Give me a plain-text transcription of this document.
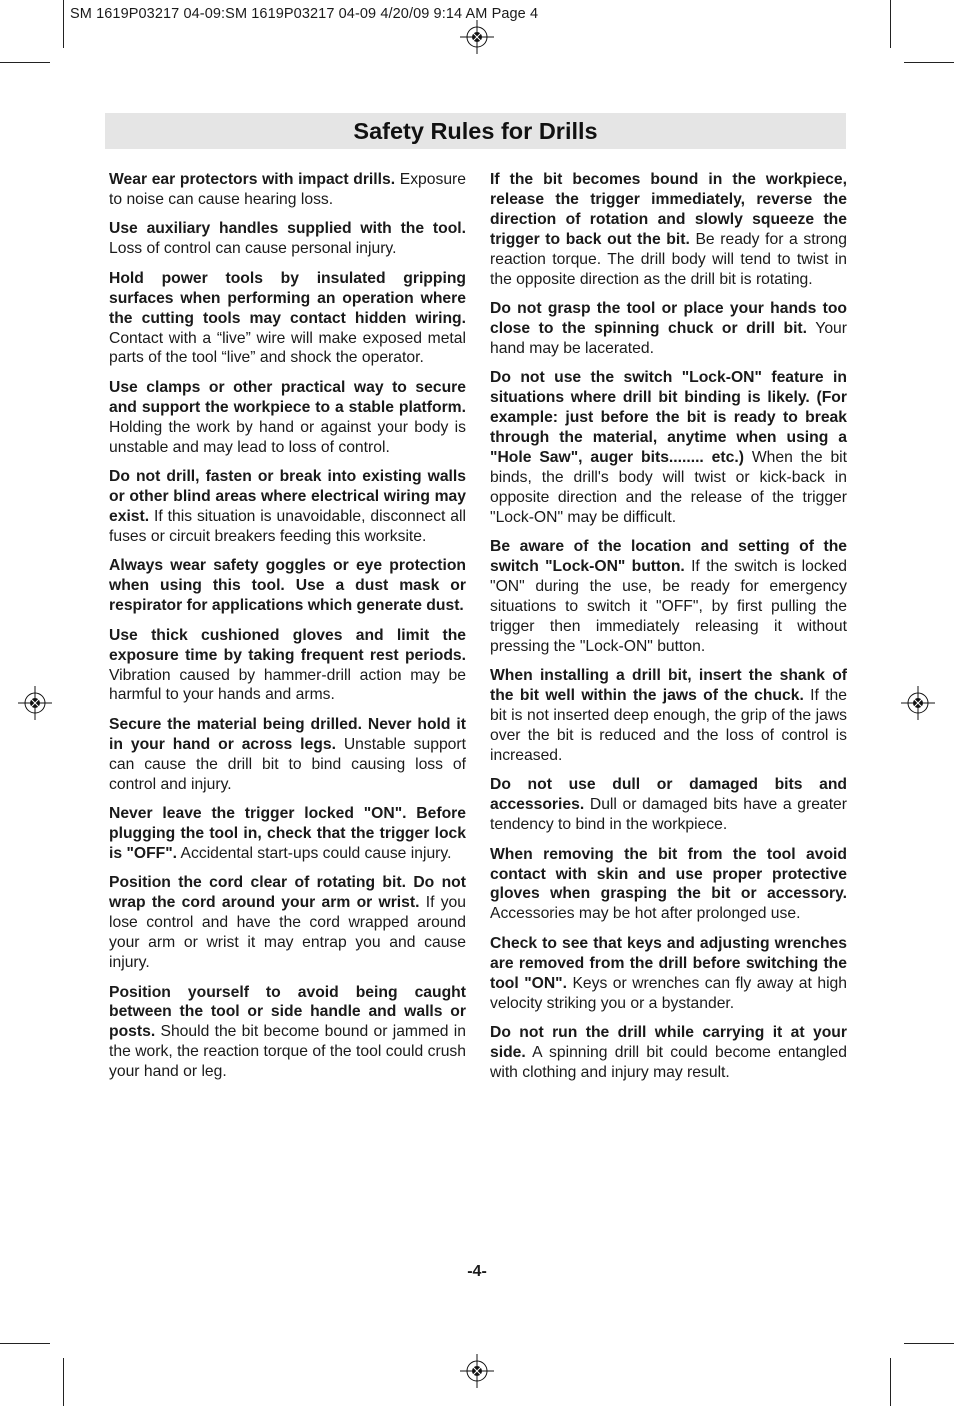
SM 1619P03217 04-09:SM 1619P03217 04-09 4/20/09 9:14 AM Page 4
Safety Rules for Drills

Wear ear protectors with impact drills. Exposure to noise can cause hearing loss.

Use auxiliary handles supplied with the tool. Loss of control can cause personal injury.

Hold power tools by insulated gripping surfaces when performing an operation where the cutting tools may contact hidden wiring. Contact with a “live” wire will make exposed metal parts of the tool “live” and shock the operator.

Use clamps or other practical way to secure and support the workpiece to a stable platform. Holding the work by hand or against your body is unstable and may lead to loss of control.

Do not drill, fasten or break into existing walls or other blind areas where electrical wiring may exist. If this situation is unavoidable, disconnect all fuses or circuit breakers feeding this worksite.

Always wear safety goggles or eye protection when using this tool. Use a dust mask or respirator for applications which generate dust.

Use thick cushioned gloves and limit the exposure time by taking frequent rest periods. Vibration caused by hammer-drill action may be harmful to your hands and arms.

Secure the material being drilled. Never hold it in your hand or across legs. Unstable support can cause the drill bit to bind causing loss of control and injury.

Never leave the trigger locked "ON". Before plugging the tool in, check that the trigger lock is "OFF". Accidental start-ups could cause injury.

Position the cord clear of rotating bit. Do not wrap the cord around your arm or wrist. If you lose control and have the cord wrapped around your arm or wrist it may entrap you and cause injury.

Position yourself to avoid being caught between the tool or side handle and walls or posts. Should the bit become bound or jammed in the work, the reaction torque of the tool could crush your hand or leg.

If the bit becomes bound in the workpiece, release the trigger immediately, reverse the direction of rotation and slowly squeeze the trigger to back out the bit. Be ready for a strong reaction torque. The drill body will tend to twist in the opposite direction as the drill bit is rotating.

Do not grasp the tool or place your hands too close to the spinning chuck or drill bit. Your hand may be lacerated.

Do not use the switch "Lock-ON" feature in situations where drill bit binding is likely. (For example: just before the bit is ready to break through the material, anytime when using a "Hole Saw", auger bits........ etc.) When the bit binds, the drill's body will twist or kick-back in opposite direction and the release of the trigger "Lock-ON" may be difficult.

Be aware of the location and setting of the switch "Lock-ON" button. If the switch is locked "ON" during the use, be ready for emergency situations to switch it "OFF", by first pulling the trigger then immediately releasing it without pressing the "Lock-ON" button.

When installing a drill bit, insert the shank of the bit well within the jaws of the chuck. If the bit is not inserted deep enough, the grip of the jaws over the bit is reduced and the loss of control is increased.

Do not use dull or damaged bits and accessories. Dull or damaged bits have a greater tendency to bind in the workpiece.

When removing the bit from the tool avoid contact with skin and use proper protective gloves when grasping the bit or accessory. Accessories may be hot after prolonged use.

Check to see that keys and adjusting wrenches are removed from the drill before switching the tool "ON". Keys or wrenches can fly away at high velocity striking you or a bystander.

Do not run the drill while carrying it at your side. A spinning drill bit could become entangled with clothing and injury may result.

-4-
